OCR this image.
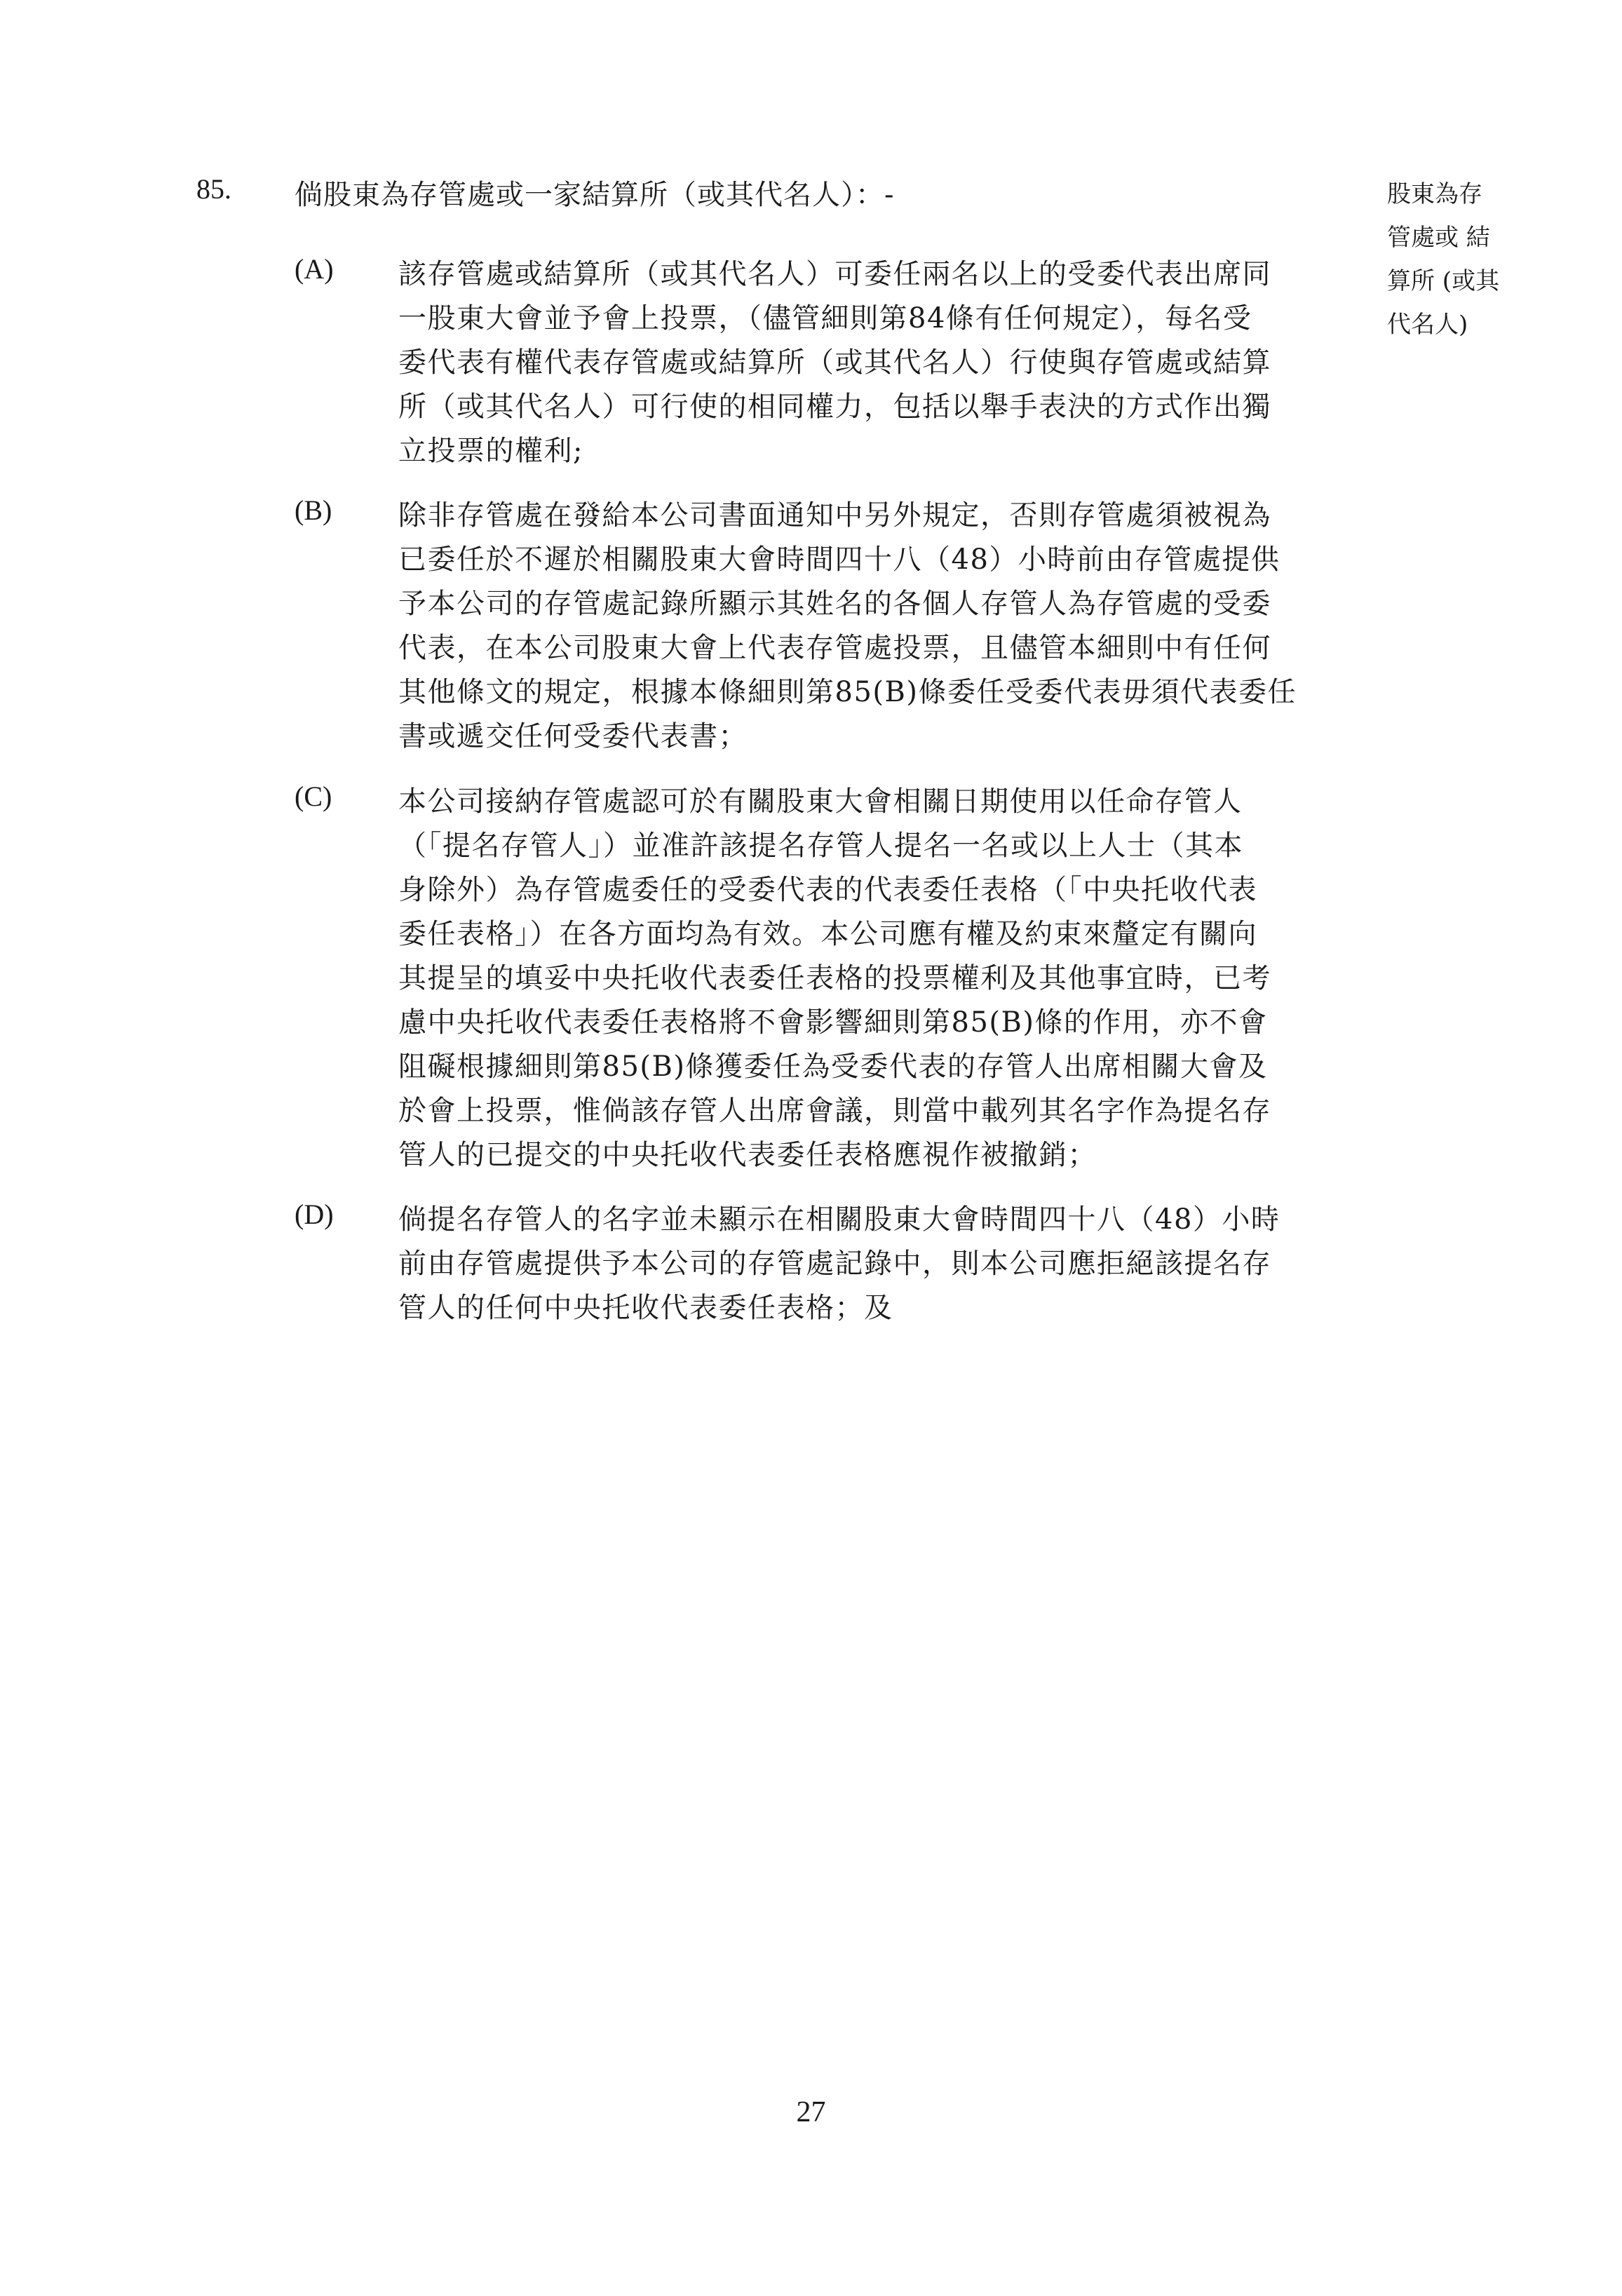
85. 倘股東為存管處或一家結算所（或其代名人）：-	股東為存
管處或 結
算所 (或其
代名人)
(A) 該存管處或結算所（或其代名人）可委任兩名以上的受委代表出席同
一股東大會並予會上投票，（儘管細則第84條有任何規定），每名受
委代表有權代表存管處或結算所（或其代名人）行使與存管處或結算
所（或其代名人）可行使的相同權力，包括以舉手表決的方式作出獨
立投票的權利;
(B) 除非存管處在發給本公司書面通知中另外規定，否則存管處須被視為
已委任於不遲於相關股東大會時間四十八（48）小時前由存管處提供
予本公司的存管處記錄所顯示其姓名的各個人存管人為存管處的受委
代表，在本公司股東大會上代表存管處投票，且儘管本細則中有任何
其他條文的規定，根據本條細則第85(B)條委任受委代表毋須代表委任
書或遞交任何受委代表書；
(C) 本公司接納存管處認可於有關股東大會相關日期使用以任命存管人
（「提名存管人」）並准許該提名存管人提名一名或以上人士（其本
身除外）為存管處委任的受委代表的代表委任表格（「中央托收代表
委任表格」）在各方面均為有效。本公司應有權及約束來釐定有關向
其提呈的填妥中央托收代表委任表格的投票權利及其他事宜時，已考
慮中央托收代表委任表格將不會影響細則第85(B)條的作用，亦不會
阻礙根據細則第85(B)條獲委任為受委代表的存管人出席相關大會及
於會上投票，惟倘該存管人出席會議，則當中載列其名字作為提名存
管人的已提交的中央托收代表委任表格應視作被撤銷；
(D) 倘提名存管人的名字並未顯示在相關股東大會時間四十八（48）小時
前由存管處提供予本公司的存管處記錄中，則本公司應拒絕該提名存
管人的任何中央托收代表委任表格；及
27
